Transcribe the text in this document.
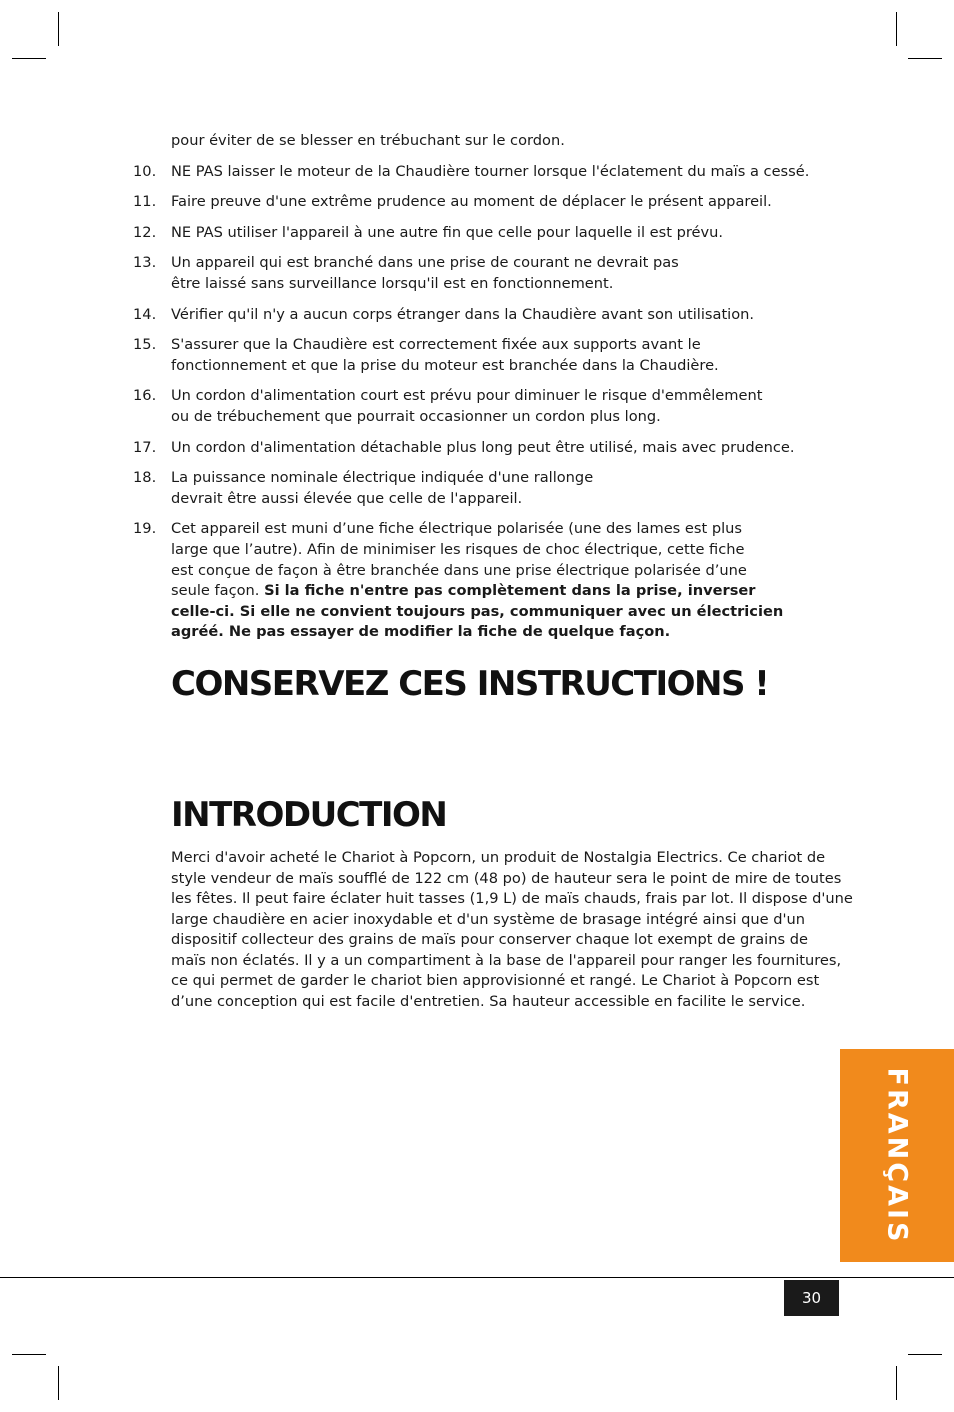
pour éviter de se blesser en trébuchant sur le cordon.
10. NE PAS laisser le moteur de la Chaudière tourner lorsque l'éclatement du maïs a cessé.
11. Faire preuve d'une extrême prudence au moment de déplacer le présent appareil.
12. NE PAS utiliser l'appareil à une autre fin que celle pour laquelle il est prévu.
13. Un appareil qui est branché dans une prise de courant ne devrait pas
être laissé sans surveillance lorsqu'il est en fonctionnement.
14. Vérifier qu'il n'y a aucun corps étranger dans la Chaudière avant son utilisation.
15. S'assurer que la Chaudière est correctement fixée aux supports avant le
fonctionnement et que la prise du moteur est branchée dans la Chaudière.
16. Un cordon d'alimentation court est prévu pour diminuer le risque d'emmêlement
ou de trébuchement que pourrait occasionner un cordon plus long.
17. Un cordon d'alimentation détachable plus long peut être utilisé, mais avec prudence.
18. La puissance nominale électrique indiquée d'une rallonge
devrait être aussi élevée que celle de l'appareil.
19. Cet appareil est muni d’une fiche électrique polarisée (une des lames est plus
large que l’autre). Afin de minimiser les risques de choc électrique, cette fiche
est conçue de façon à être branchée dans une prise électrique polarisée d’une
seule façon. Si la fiche n'entre pas complètement dans la prise, inverser
celle-ci. Si elle ne convient toujours pas, communiquer avec un électricien
agréé. Ne pas essayer de modifier la fiche de quelque façon.
CONSERVEZ CES INSTRUCTIONS !
INTRODUCTION

Merci d'avoir acheté le Chariot à Popcorn, un produit de Nostalgia Electrics. Ce chariot de
style vendeur de maïs soufflé de 122 cm (48 po) de hauteur sera le point de mire de toutes
les fêtes. Il peut faire éclater huit tasses (1,9 L) de maïs chauds, frais par lot. Il dispose d'une
large chaudière en acier inoxydable et d'un système de brasage intégré ainsi que d'un
dispositif collecteur des grains de maïs pour conserver chaque lot exempt de grains de
maïs non éclatés. Il y a un compartiment à la base de l'appareil pour ranger les fournitures,
ce qui permet de garder le chariot bien approvisionné et rangé. Le Chariot à Popcorn est
d’une conception qui est facile d'entretien. Sa hauteur accessible en facilite le service.

FRANÇAIS
30
